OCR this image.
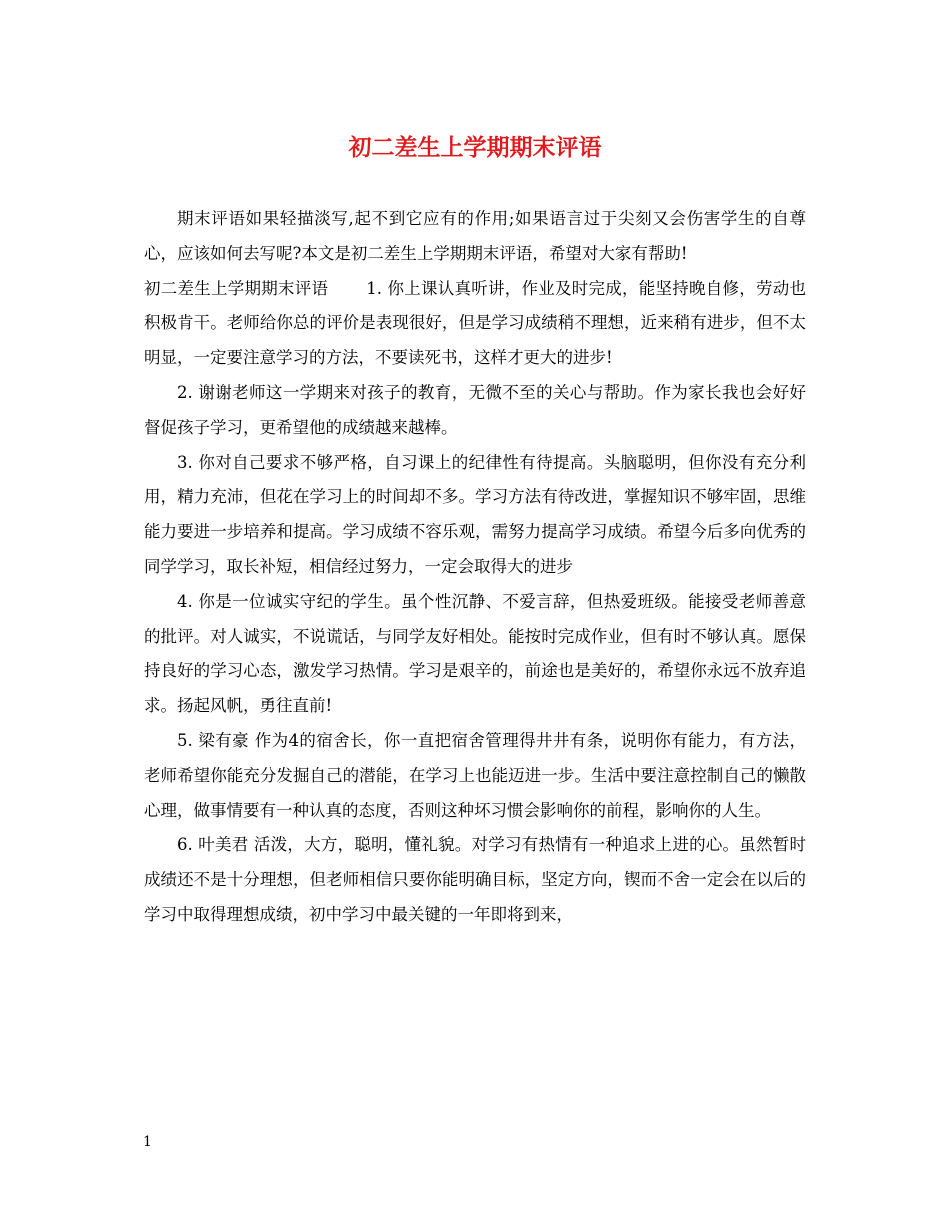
初二差生上学期期末评语

期末评语如果轻描淡写,起不到它应有的作用;如果语言过于尖刻又会伤害学生的自尊心，应该如何去写呢?本文是初二差生上学期期末评语，希望对大家有帮助!

初二差生上学期期末评语 1. 你上课认真听讲，作业及时完成，能坚持晚自修，劳动也积极肯干。老师给你总的评价是表现很好，但是学习成绩稍不理想，近来稍有进步，但不太明显，一定要注意学习的方法，不要读死书，这样才更大的进步!

2. 谢谢老师这一学期来对孩子的教育，无微不至的关心与帮助。作为家长我也会好好督促孩子学习，更希望他的成绩越来越棒。

3. 你对自己要求不够严格，自习课上的纪律性有待提高。头脑聪明，但你没有充分利用，精力充沛，但花在学习上的时间却不多。学习方法有待改进，掌握知识不够牢固，思维能力要进一步培养和提高。学习成绩不容乐观，需努力提高学习成绩。希望今后多向优秀的同学学习，取长补短，相信经过努力，一定会取得大的进步

4. 你是一位诚实守纪的学生。虽个性沉静、不爱言辞，但热爱班级。能接受老师善意的批评。对人诚实，不说谎话，与同学友好相处。能按时完成作业，但有时不够认真。愿保持良好的学习心态，激发学习热情。学习是艰辛的，前途也是美好的，希望你永远不放弃追求。扬起风帆，勇往直前!

5. 梁有豪 作为4的宿舍长，你一直把宿舍管理得井井有条，说明你有能力，有方法，老师希望你能充分发掘自己的潜能，在学习上也能迈进一步。生活中要注意控制自己的懒散心理，做事情要有一种认真的态度，否则这种坏习惯会影响你的前程，影响你的人生。

6. 叶美君 活泼，大方，聪明，懂礼貌。对学习有热情有一种追求上进的心。虽然暂时成绩还不是十分理想，但老师相信只要你能明确目标，坚定方向，锲而不舍一定会在以后的学习中取得理想成绩，初中学习中最关键的一年即将到来，

1
